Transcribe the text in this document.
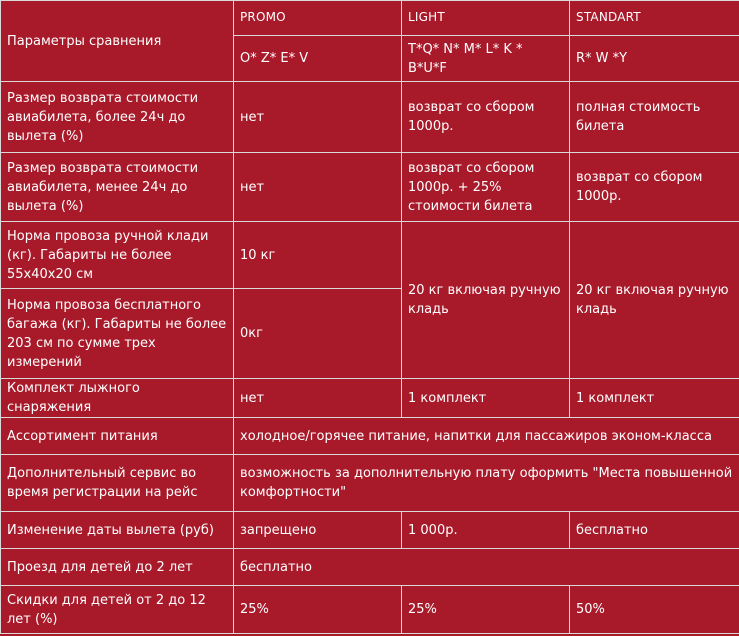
Параметры сравнения	PROMO	LIGHT	STANDART
	O* Z* E* V	T*Q* N* M* L* K * B*U*F	R* W *Y
Размер возврата стоимости авиабилета, более 24ч до вылета (%)	нет	возврат со сбором 1000р.	полная стоимость билета
Размер возврата стоимости авиабилета, менее 24ч до вылета (%)	нет	возврат со сбором 1000р. + 25% стоимости билета	возврат со сбором 1000р.
Норма провоза ручной клади (кг). Габариты не более 55x40x20 см	10 кг	20 кг включая ручную кладь	20 кг включая ручную кладь
Норма провоза бесплатного багажа (кг). Габариты не более 203 см по сумме трех измерений	0кг		
Комплект лыжного снаряжения	нет	1 комплект	1 комплект
Ассортимент питания	холодное/горячее питание, напитки для пассажиров эконом-класса		
Дополнительный сервис во время регистрации на рейс	возможность за дополнительную плату оформить "Места повышенной комфортности"		
Изменение даты вылета (руб)	запрещено	1 000р.	бесплатно
Проезд для детей до 2 лет	бесплатно		
Скидки для детей от 2 до 12 лет (%)	25%	25%	50%
